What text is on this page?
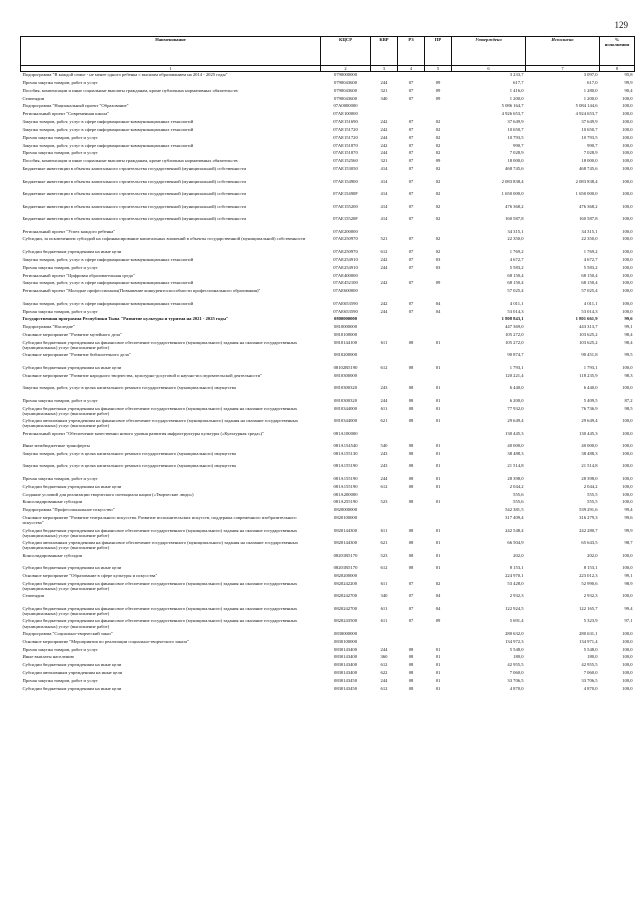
129
Наименование	КЦСР	КВР	РЗ	ПР	Утверждено	Исполнено	% исполнения
1	2	3	4	5	6	7	8
Подпрограмма "В каждой семье - не менее одного ребенка с высшим образованием на 2014 - 2025 годы"	0790000000				3 233,7	3 097,0	95,8
Прочая закупка товаров, работ и услуг	0790043600	244	07	09	617,7	617,0	99,9
Пособия, компенсации и иные социальные выплаты гражданам, кроме публичных нормативных обязательств	0790043600	321	07	09	1 416,0	1 280,0	90,4
Стипендии	0790043600	340	07	09	1 200,0	1 200,0	100,0
Подпрограмма "Национальный проект "Образование"	07А0000000				5 086 164,7	5 084 144,6	100,0
Региональный проект "Современная школа"	07АЕ100000				4 926 653,7	4 924 653,7	100,0
Закупка товаров, работ, услуг в сфере информационно-коммуникационных технологий	07АЕ151690	242	07	02	37 649,9	37 649,9	100,0
Закупка товаров, работ, услуг в сфере информационно-коммуникационных технологий	07АЕ151720	242	07	02	10 650,7	10 650,7	100,0
Прочая закупка товаров, работ и услуг	07АЕ151720	244	07	02	10 793,5	10 793,5	100,0
Закупка товаров, работ, услуг в сфере информационно-коммуникационных технологий	07АЕ151870	242	07	02	990,7	990,7	100,0
Прочая закупка товаров, работ и услуг	07АЕ151870	244	07	02	7 028,9	7 028,9	100,0
Пособия, компенсации и иные социальные выплаты гражданам, кроме публичных нормативных обязательств	07АЕ152560	321	07	09	18 000,0	18 000,0	100,0
Бюджетные инвестиции в объекты капитального строительства государственной (муниципальной) собственности	07АЕ153050	414	07	02	468 745,6	468 745,6	100,0
Бюджетные инвестиции в объекты капитального строительства государственной (муниципальной) собственности	07АЕ154900	414	07	02	2 083 838,4	2 083 838,4	100,0
Бюджетные инвестиции в объекты капитального строительства государственной (муниципальной) собственности	07АЕ15490F	414	07	02	1 650 000,0	1 650 000,0	100,0
Бюджетные инвестиции в объекты капитального строительства государственной (муниципальной) собственности	07АЕ155200	414	07	02	476 368,2	476 368,2	100,0
Бюджетные инвестиции в объекты капитального строительства государственной (муниципальной) собственности	07АЕ15520F	414	07	02	160 587,8	160 587,8	100,0
Региональный проект "Успех каждого ребенка"	07АЕ200000				34 315,1	34 315,1	100,0
Субсидии, за исключением субсидий на софинансирование капитальных вложений в объекты государственной (муниципальной) собственности	07АЕ250970	521	07	02	22 350,0	22 350,0	100,0
Субсидии бюджетным учреждениям на иные цели	07АЕ250970	612	07	02	1 769,2	1 769,2	100,0
Закупка товаров, работ, услуг в сфере информационно-коммуникационных технологий	07АЕ254910	242	07	03	4 672,7	4 672,7	100,0
Прочая закупка товаров, работ и услуг	07АЕ254910	244	07	03	5 583,2	5 583,2	100,0
Региональный проект "Цифровая образовательная среда"	07АЕ400000				68 150,4	68 150,4	100,0
Закупка товаров, работ, услуг в сфере информационно-коммуникационных технологий	07АЕ452100	242	07	09	68 150,4	68 150,4	100,0
Региональный проект "Молодые профессионалы(Повышение конкурентоспособности профессионального образования)"	07АЕ600000				57 025,4	57 025,4	100,0
Закупка товаров, работ, услуг в сфере информационно-коммуникационных технологий	07АЕ653590	242	07	04	4 011,1	4 011,1	100,0
Прочая закупка товаров, работ и услуг	07АЕ653590	244	07	04	53 014,3	53 014,3	100,0
Государственная программа Республики Тыва "Развитие культуры и туризма на 2021 - 2025 годы"	0800000000				1 808 843,1	1 801 661,9	99,6
Подпрограмма "Наследие"	0810000000				447 369,0	443 313,7	99,1
Основное мероприятие "Развитие музейного дела"	0810100000				105 272,0	103 625,2	98,4
Субсидии бюджетным учреждениям на финансовое обеспечение государственного (муниципального) задания на оказание государственных (муниципальных) услуг (выполнение работ)	0810144100	611	08	01	105 272,0	103 625,2	98,4
Основное мероприятие "Развитие библиотечного дела"	0810200000				90 874,7	90 451,8	99,5
Субсидии бюджетным учреждениям на иные цели	08102R5190	612	08	01	1 793,1	1 793,1	100,0
Основное мероприятие "Развитие народного творчества, культурно-досуговой и научно-исследовательской деятельности"	0810300000				120 221,4	118 235,9	98,3
Закупка товаров, работ, услуг в целях капитального ремонта государственного (муниципального) имущества	0810300320	243	08	01	6 440,0	6 440,0	100,0
Прочая закупка товаров, работ и услуг	0810300320	244	08	01	6 200,0	5 409,5	87,2
Субсидии бюджетным учреждениям на финансовое обеспечение государственного (муниципального) задания на оказание государственных (муниципальных) услуг (выполнение работ)	0810344000	611	08	01	77 932,0	76 736,9	98,5
Субсидии автономным учреждениям на финансовое обеспечение государственного (муниципального) задания на оказание государственных (муниципальных) услуг (выполнение работ)	0810344000	621	08	01	29 649,4	29 649,4	100,0
Региональный проект "Обеспечение качественно нового уровня развития инфраструктуры культуры («Культурная среда»)"	081А100000				130 445,3	130 445,3	100,0
Иные межбюджетные трансферты	081А154540	540	08	01	40 000,0	40 000,0	100,0
Закупка товаров, работ, услуг в целях капитального ремонта государственного (муниципального) имущества	081А155130	243	08	01	38 488,3	38 488,3	100,0
Закупка товаров, работ, услуг в целях капитального ремонта государственного (муниципального) имущества	081А155190	243	08	01	21 514,8	21 514,8	100,0
Прочая закупка товаров, работ и услуг	081А155190	244	08	01	28 398,0	28 398,0	100,0
Субсидии бюджетным учреждениям на иные цели	081А155190	612	08	01	2 044,2	2 044,2	100,0
Создание условий для реализации творческого потенциала нации («Творческие люди»)	081А200000				555,6	555,5	100,0
Консолидированные субсидии	081А255190	523	08	01	555,6	555,5	100,0
Подпрограмма "Профессиональное искусство"	0820000000				542 381,5	539 291,6	99,4
Основное мероприятие "Развитие театрального искусства. Развитие исполнительских искусств, поддержка современного изобразительного искусства"	0820100000				317 409,4	316 279,3	99,6
Субсидии бюджетным учреждениям на финансовое обеспечение государственного (муниципального) задания на оказание государственных (муниципальных) услуг (выполнение работ)	0820144300	611	08	01	242 548,4	242 280,7	99,9
Субсидии автономным учреждениям на финансовое обеспечение государственного (муниципального) задания на оказание государственных (муниципальных) услуг (выполнение работ)	0820144300	621	08	01	66 504,9	65 643,5	98,7
Консолидированные субсидии	08201R5170	523	08	01	202,0	202,0	100,0
Субсидии бюджетным учреждениям на иные цели	08201R5170	612	08	01	8 153,1	8 153,1	100,0
Основное мероприятие "Образование в сфере культуры и искусства"	0820200000				224 970,1	223 012,3	99,1
Субсидии бюджетным учреждениям на финансовое обеспечение государственного (муниципального) задания на оказание государственных (муниципальных) услуг (выполнение работ)	0820242200	611	07	02	53 428,0	52 990,6	98,9
Стипендии	0820242700	340	07	04	2 932,3	2 932,3	100,0
Субсидии бюджетным учреждениям на финансовое обеспечение государственного (муниципального) задания на оказание государственных (муниципальных) услуг (выполнение работ)	0820242700	611	07	04	122 924,5	122 165,7	99,4
Субсидии бюджетным учреждениям на финансовое обеспечение государственного (муниципального) задания на оказание государственных (муниципальных) услуг (выполнение работ)	0820243500	611	07	09	5 691,4	5 323,9	97,1
Подпрограмма "Социально-творческий заказ"	0830000000				280 632,0	280 631,1	100,0
Основное мероприятие "Мероприятия по реализации социально-творческого заказа"	0830100000				134 972,3	134 971,4	100,0
Прочая закупка товаров, работ и услуг	0830143400	244	08	01	5 548,0	5 548,0	100,0
Иные выплаты населению	0830143400	360	08	01	180,0	180,0	100,0
Субсидии бюджетным учреждениям на иные цели	0830143400	612	08	01	42 955,5	42 955,5	100,0
Субсидии автономным учреждениям на иные цели	0830143400	622	08	01	7 060,0	7 060,0	100,0
Прочая закупка товаров, работ и услуг	0830143450	244	08	01	33 706,5	33 706,5	100,0
Субсидии бюджетным учреждениям на иные цели	0830143450	612	08	01	4 870,0	4 870,0	100,0
